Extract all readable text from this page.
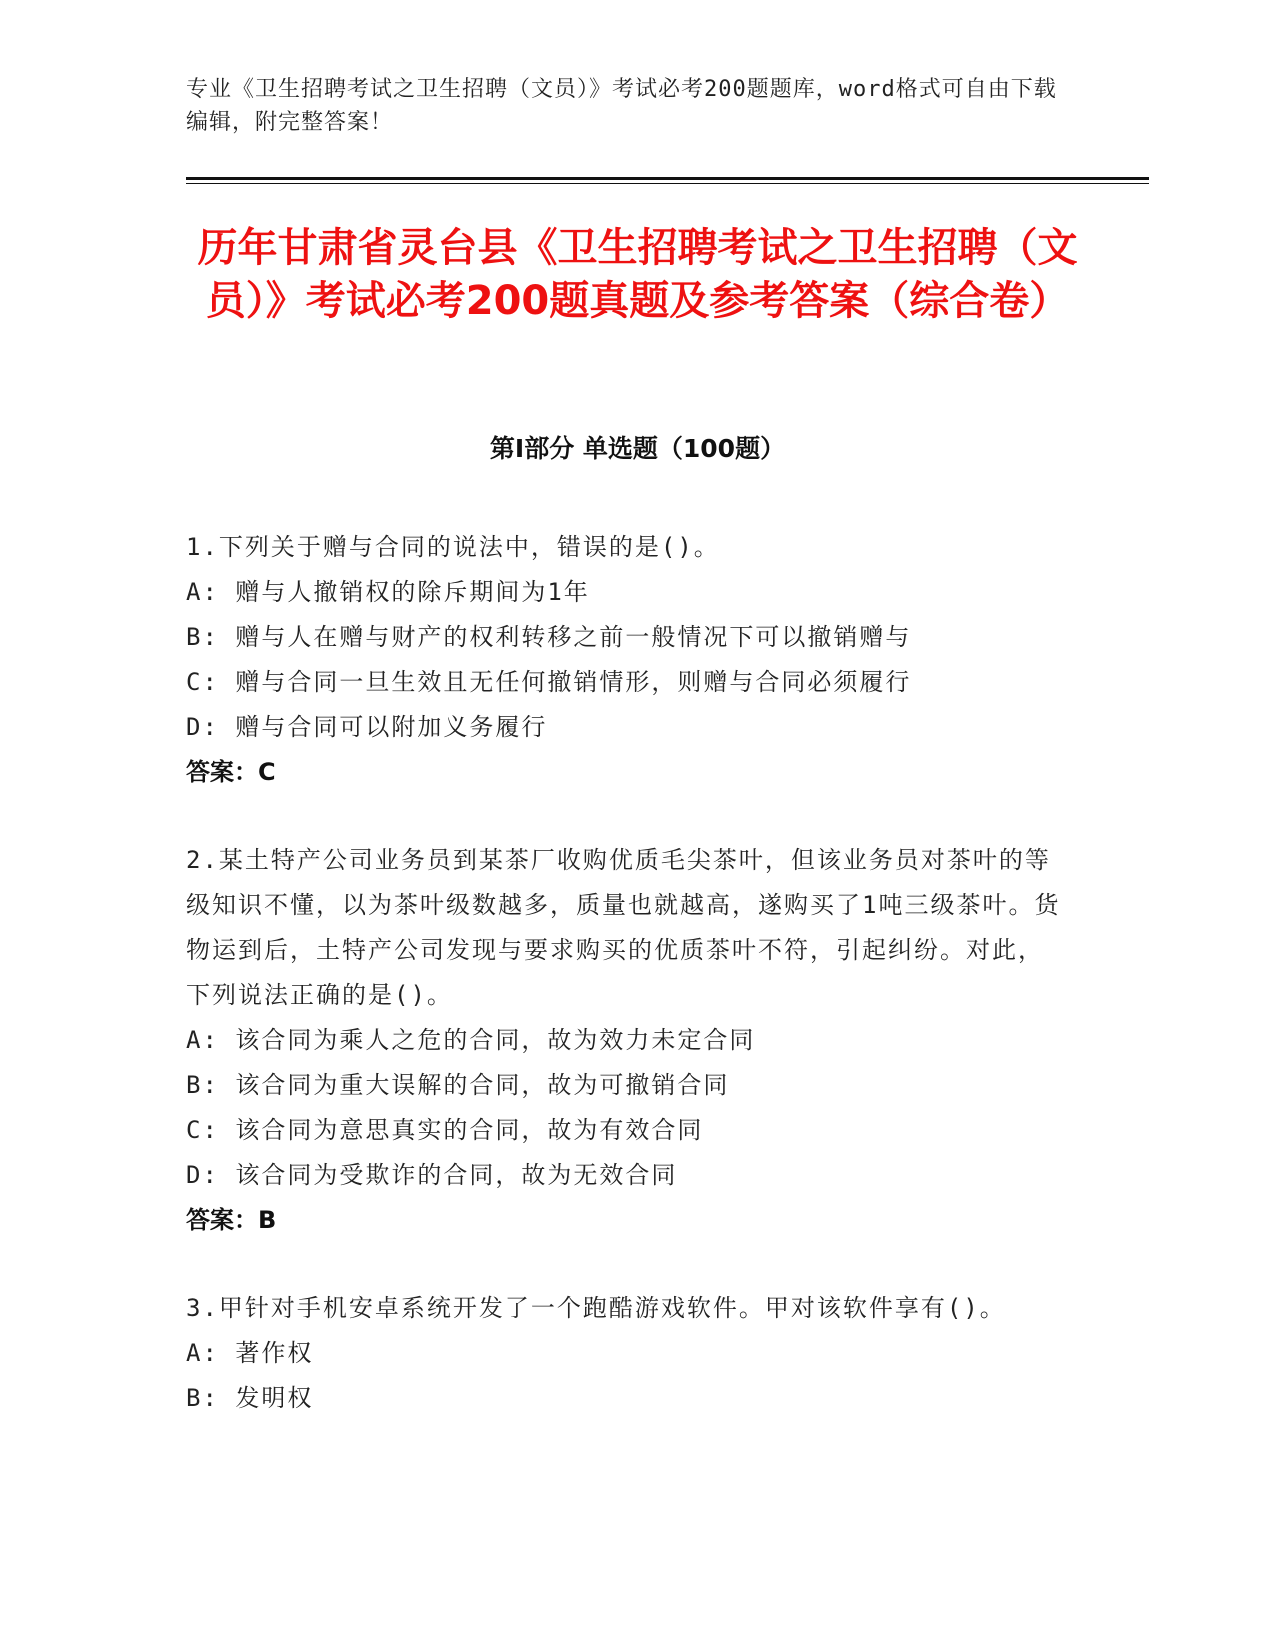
专业《卫生招聘考试之卫生招聘（文员）》考试必考200题题库，word格式可自由下载编辑，附完整答案！
历年甘肃省灵台县《卫生招聘考试之卫生招聘（文员）》考试必考200题真题及参考答案（综合卷）
第Ⅰ部分 单选题（100题）
1.下列关于赠与合同的说法中，错误的是()。
A: 赠与人撤销权的除斥期间为1年
B: 赠与人在赠与财产的权利转移之前一般情况下可以撤销赠与
C: 赠与合同一旦生效且无任何撤销情形，则赠与合同必须履行
D: 赠与合同可以附加义务履行
答案：C
2.某土特产公司业务员到某茶厂收购优质毛尖茶叶，但该业务员对茶叶的等级知识不懂，以为茶叶级数越多，质量也就越高，遂购买了1吨三级茶叶。货物运到后，土特产公司发现与要求购买的优质茶叶不符，引起纠纷。对此，下列说法正确的是()。
A: 该合同为乘人之危的合同，故为效力未定合同
B: 该合同为重大误解的合同，故为可撤销合同
C: 该合同为意思真实的合同，故为有效合同
D: 该合同为受欺诈的合同，故为无效合同
答案：B
3.甲针对手机安卓系统开发了一个跑酷游戏软件。甲对该软件享有()。
A: 著作权
B: 发明权
